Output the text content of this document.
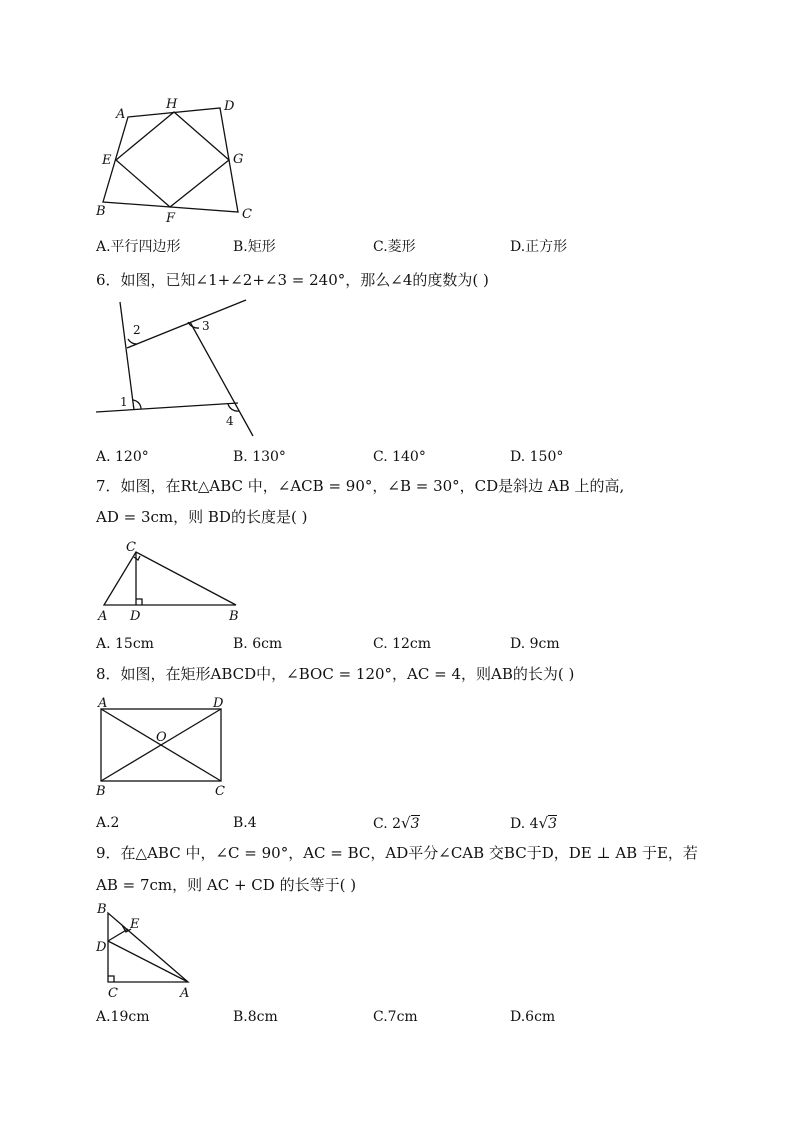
A
H	D
E	G
B	F	C
A.平行四边形	B.矩形	C.菱形	D.正方形
6．如图，已知∠1+∠2+∠3 = 240°，那么∠4的度数为( )
1
2	3
4
A. 120°	B. 130°	C. 140°	D. 150°
7．如图，在Rt△ABC 中，∠ACB = 90°，∠B = 30°，CD是斜边 AB 上的高,
AD = 3cm，则 BD的长度是( )
C
A D	B
A. 15cm	B. 6cm	C. 12cm	D. 9cm
8．如图，在矩形ABCD中，∠BOC = 120°，AC = 4，则AB的长为( )
A	D
O
B	C
A.2	B.4	C. 2√3	D. 4√3
9．在△ABC 中，∠C = 90°，AC = BC，AD平分∠CAB 交BC于D，DE ⊥ AB 于E，若
AB = 7cm，则 AC + CD 的长等于( )
B
E
D
C	A
A.19cm	B.8cm	C.7cm	D.6cm
